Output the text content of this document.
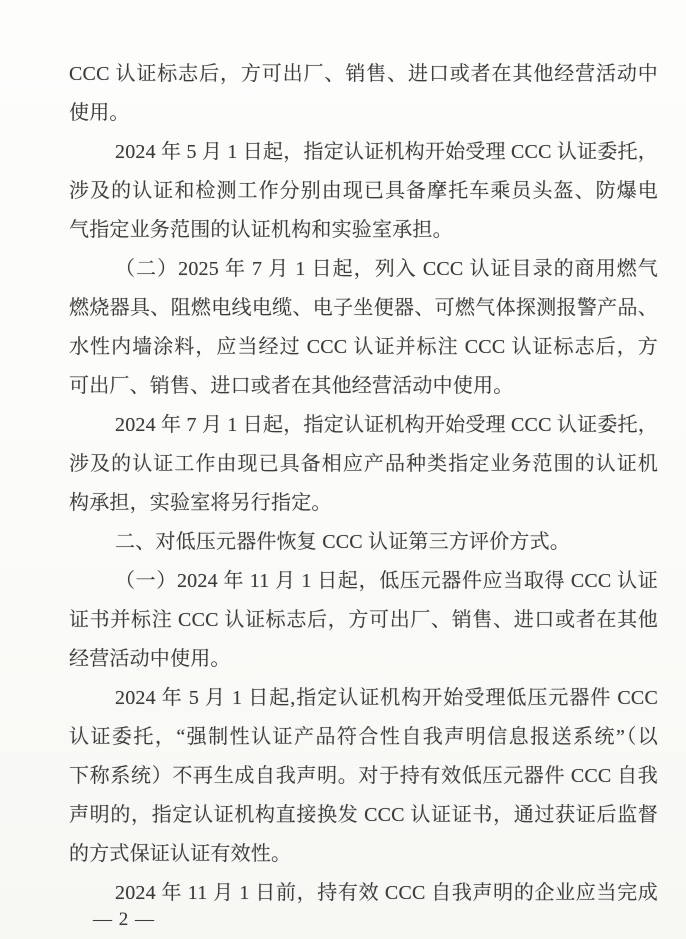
CCC 认证标志后，方可出厂、销售、进口或者在其他经营活动中
使用。
2024 年 5 月 1 日起，指定认证机构开始受理 CCC 认证委托，
涉及的认证和检测工作分别由现已具备摩托车乘员头盔、防爆电
气指定业务范围的认证机构和实验室承担。
（二）2025 年 7 月 1 日起，列入 CCC 认证目录的商用燃气
燃烧器具、阻燃电线电缆、电子坐便器、可燃气体探测报警产品、
水性内墙涂料，应当经过 CCC 认证并标注 CCC 认证标志后，方
可出厂、销售、进口或者在其他经营活动中使用。
2024 年 7 月 1 日起，指定认证机构开始受理 CCC 认证委托，
涉及的认证工作由现已具备相应产品种类指定业务范围的认证机
构承担，实验室将另行指定。
二、对低压元器件恢复 CCC 认证第三方评价方式。
（一）2024 年 11 月 1 日起，低压元器件应当取得 CCC 认证
证书并标注 CCC 认证标志后，方可出厂、销售、进口或者在其他
经营活动中使用。
2024 年 5 月 1 日起,指定认证机构开始受理低压元器件 CCC
认证委托，“强制性认证产品符合性自我声明信息报送系统”（以
下称系统）不再生成自我声明。对于持有效低压元器件 CCC 自我
声明的，指定认证机构直接换发 CCC 认证证书，通过获证后监督
的方式保证认证有效性。
2024 年 11 月 1 日前，持有效 CCC 自我声明的企业应当完成
— 2 —
